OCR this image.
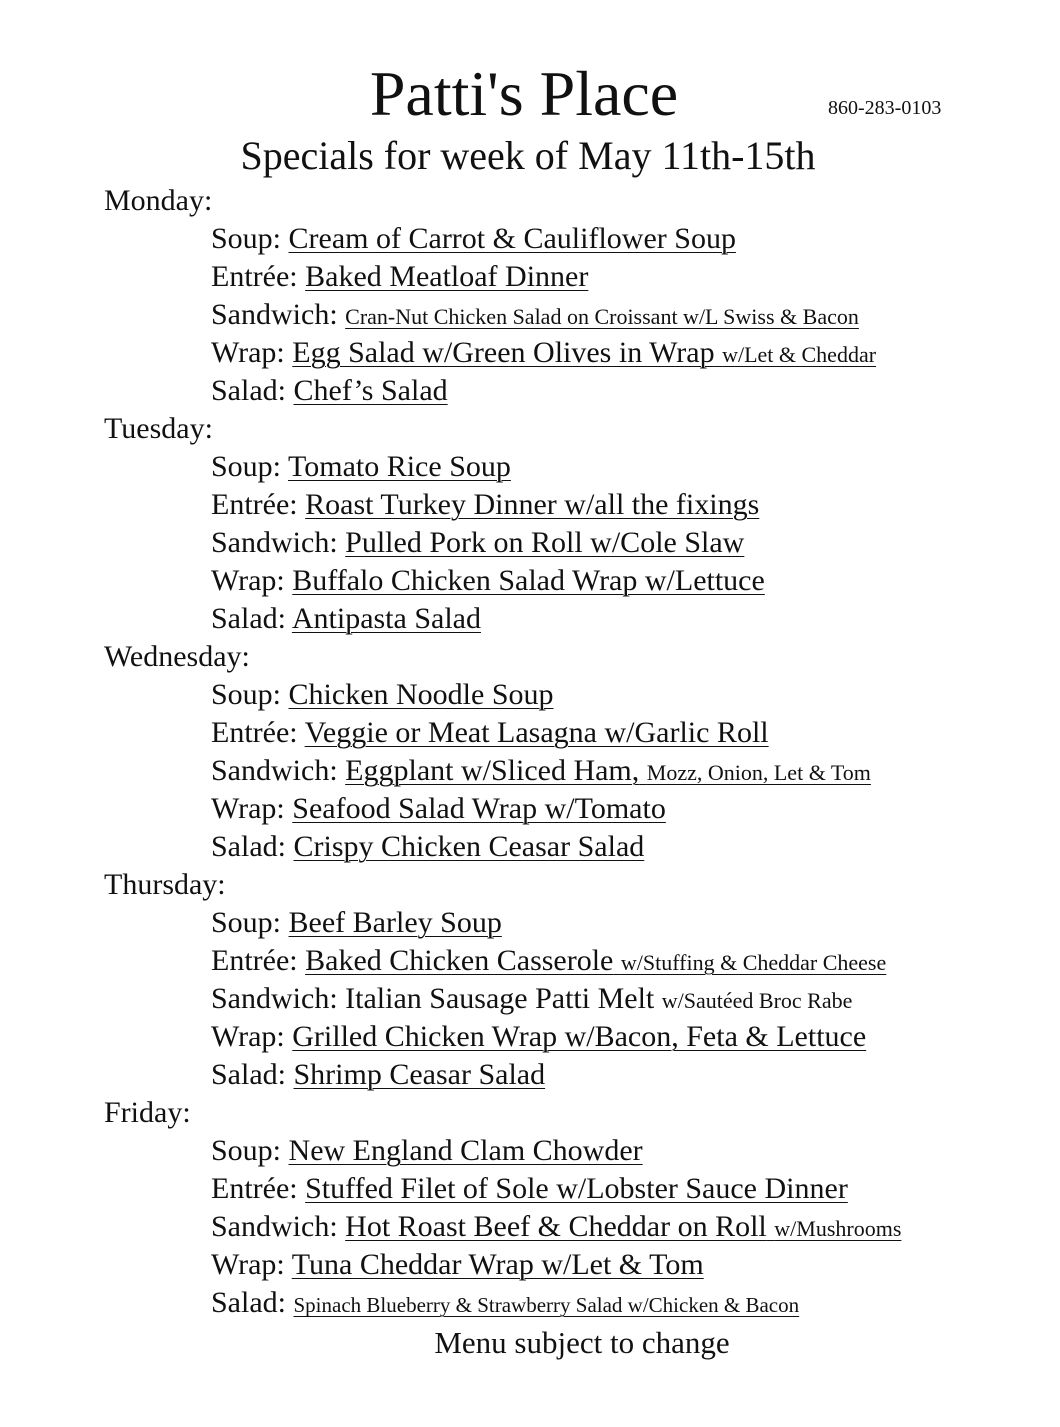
Patti's Place	860-283-0103
Specials for week of May 11th-15th
Monday:
Soup: Cream of Carrot & Cauliflower Soup
Entrée: Baked Meatloaf Dinner
Sandwich: Cran-Nut Chicken Salad on Croissant w/L Swiss & Bacon
Wrap: Egg Salad w/Green Olives in Wrap w/Let & Cheddar
Salad: Chef’s Salad
Tuesday:
Soup: Tomato Rice Soup
Entrée: Roast Turkey Dinner w/all the fixings
Sandwich: Pulled Pork on Roll w/Cole Slaw
Wrap: Buffalo Chicken Salad Wrap w/Lettuce
Salad: Antipasta Salad
Wednesday:
Soup: Chicken Noodle Soup
Entrée: Veggie or Meat Lasagna w/Garlic Roll
Sandwich: Eggplant w/Sliced Ham, Mozz, Onion, Let & Tom
Wrap: Seafood Salad Wrap w/Tomato
Salad: Crispy Chicken Ceasar Salad
Thursday:
Soup: Beef Barley Soup
Entrée: Baked Chicken Casserole w/Stuffing & Cheddar Cheese
Sandwich: Italian Sausage Patti Melt w/Sautéed Broc Rabe
Wrap: Grilled Chicken Wrap w/Bacon, Feta & Lettuce
Salad: Shrimp Ceasar Salad
Friday:
Soup: New England Clam Chowder
Entrée: Stuffed Filet of Sole w/Lobster Sauce Dinner
Sandwich: Hot Roast Beef & Cheddar on Roll w/Mushrooms
Wrap: Tuna Cheddar Wrap w/Let & Tom
Salad: Spinach Blueberry & Strawberry Salad w/Chicken & Bacon
Menu subject to change
